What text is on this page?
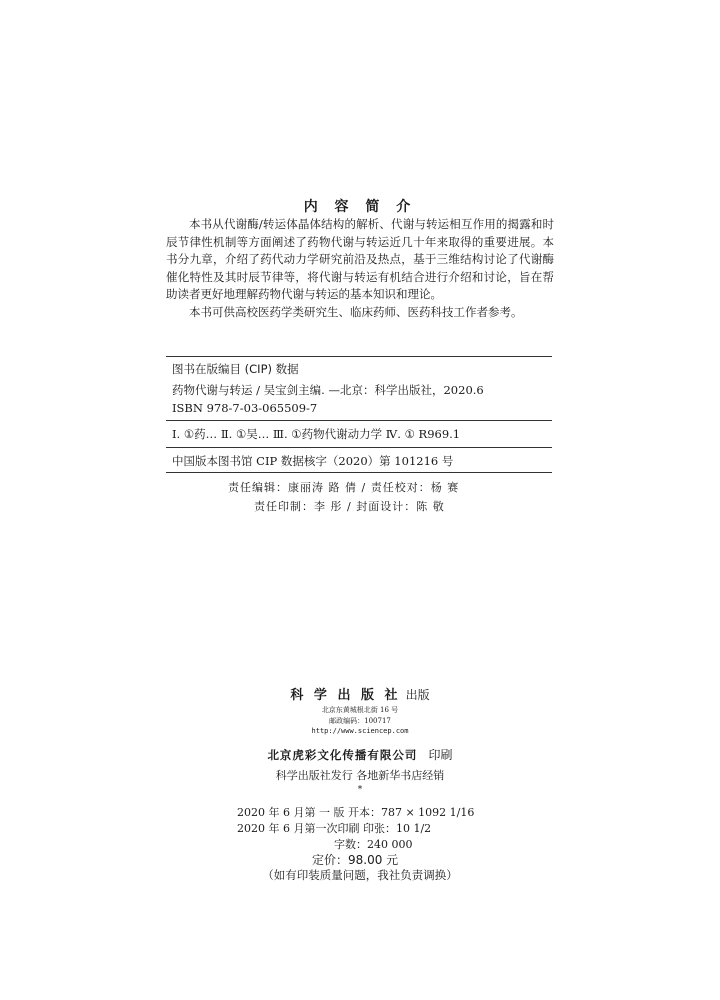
内 容 简 介

本书从代谢酶/转运体晶体结构的解析、代谢与转运相互作用的揭露和时辰节律性机制等方面阐述了药物代谢与转运近几十年来取得的重要进展。本书分九章，介绍了药代动力学研究前沿及热点，基于三维结构讨论了代谢酶催化特性及其时辰节律等，将代谢与转运有机结合进行介绍和讨论，旨在帮助读者更好地理解药物代谢与转运的基本知识和理论。

本书可供高校医药学类研究生、临床药师、医药科技工作者参考。

图书在版编目 (CIP) 数据
药物代谢与转运 / 吴宝剑主编. —北京：科学出版社，2020.6
ISBN 978-7-03-065509-7
Ⅰ. ①药… Ⅱ. ①吴… Ⅲ. ①药物代谢动力学 Ⅳ. ① R969.1
中国版本图书馆 CIP 数据核字（2020）第 101216 号
责任编辑：康丽涛 路 倩 / 责任校对：杨 赛
责任印制：李 彤 / 封面设计：陈 敬
科 学 出 版 社 出版
北京东黄城根北街 16 号
邮政编码：100717
http://www.sciencep.com
北京虎彩文化传播有限公司 印刷
科学出版社发行 各地新华书店经销
*
2020 年 6 月第 一 版 开本：787 × 1092 1/16
2020 年 6 月第一次印刷 印张：10 1/2
字数：240 000
定价：98.00 元
（如有印装质量问题，我社负责调换）
